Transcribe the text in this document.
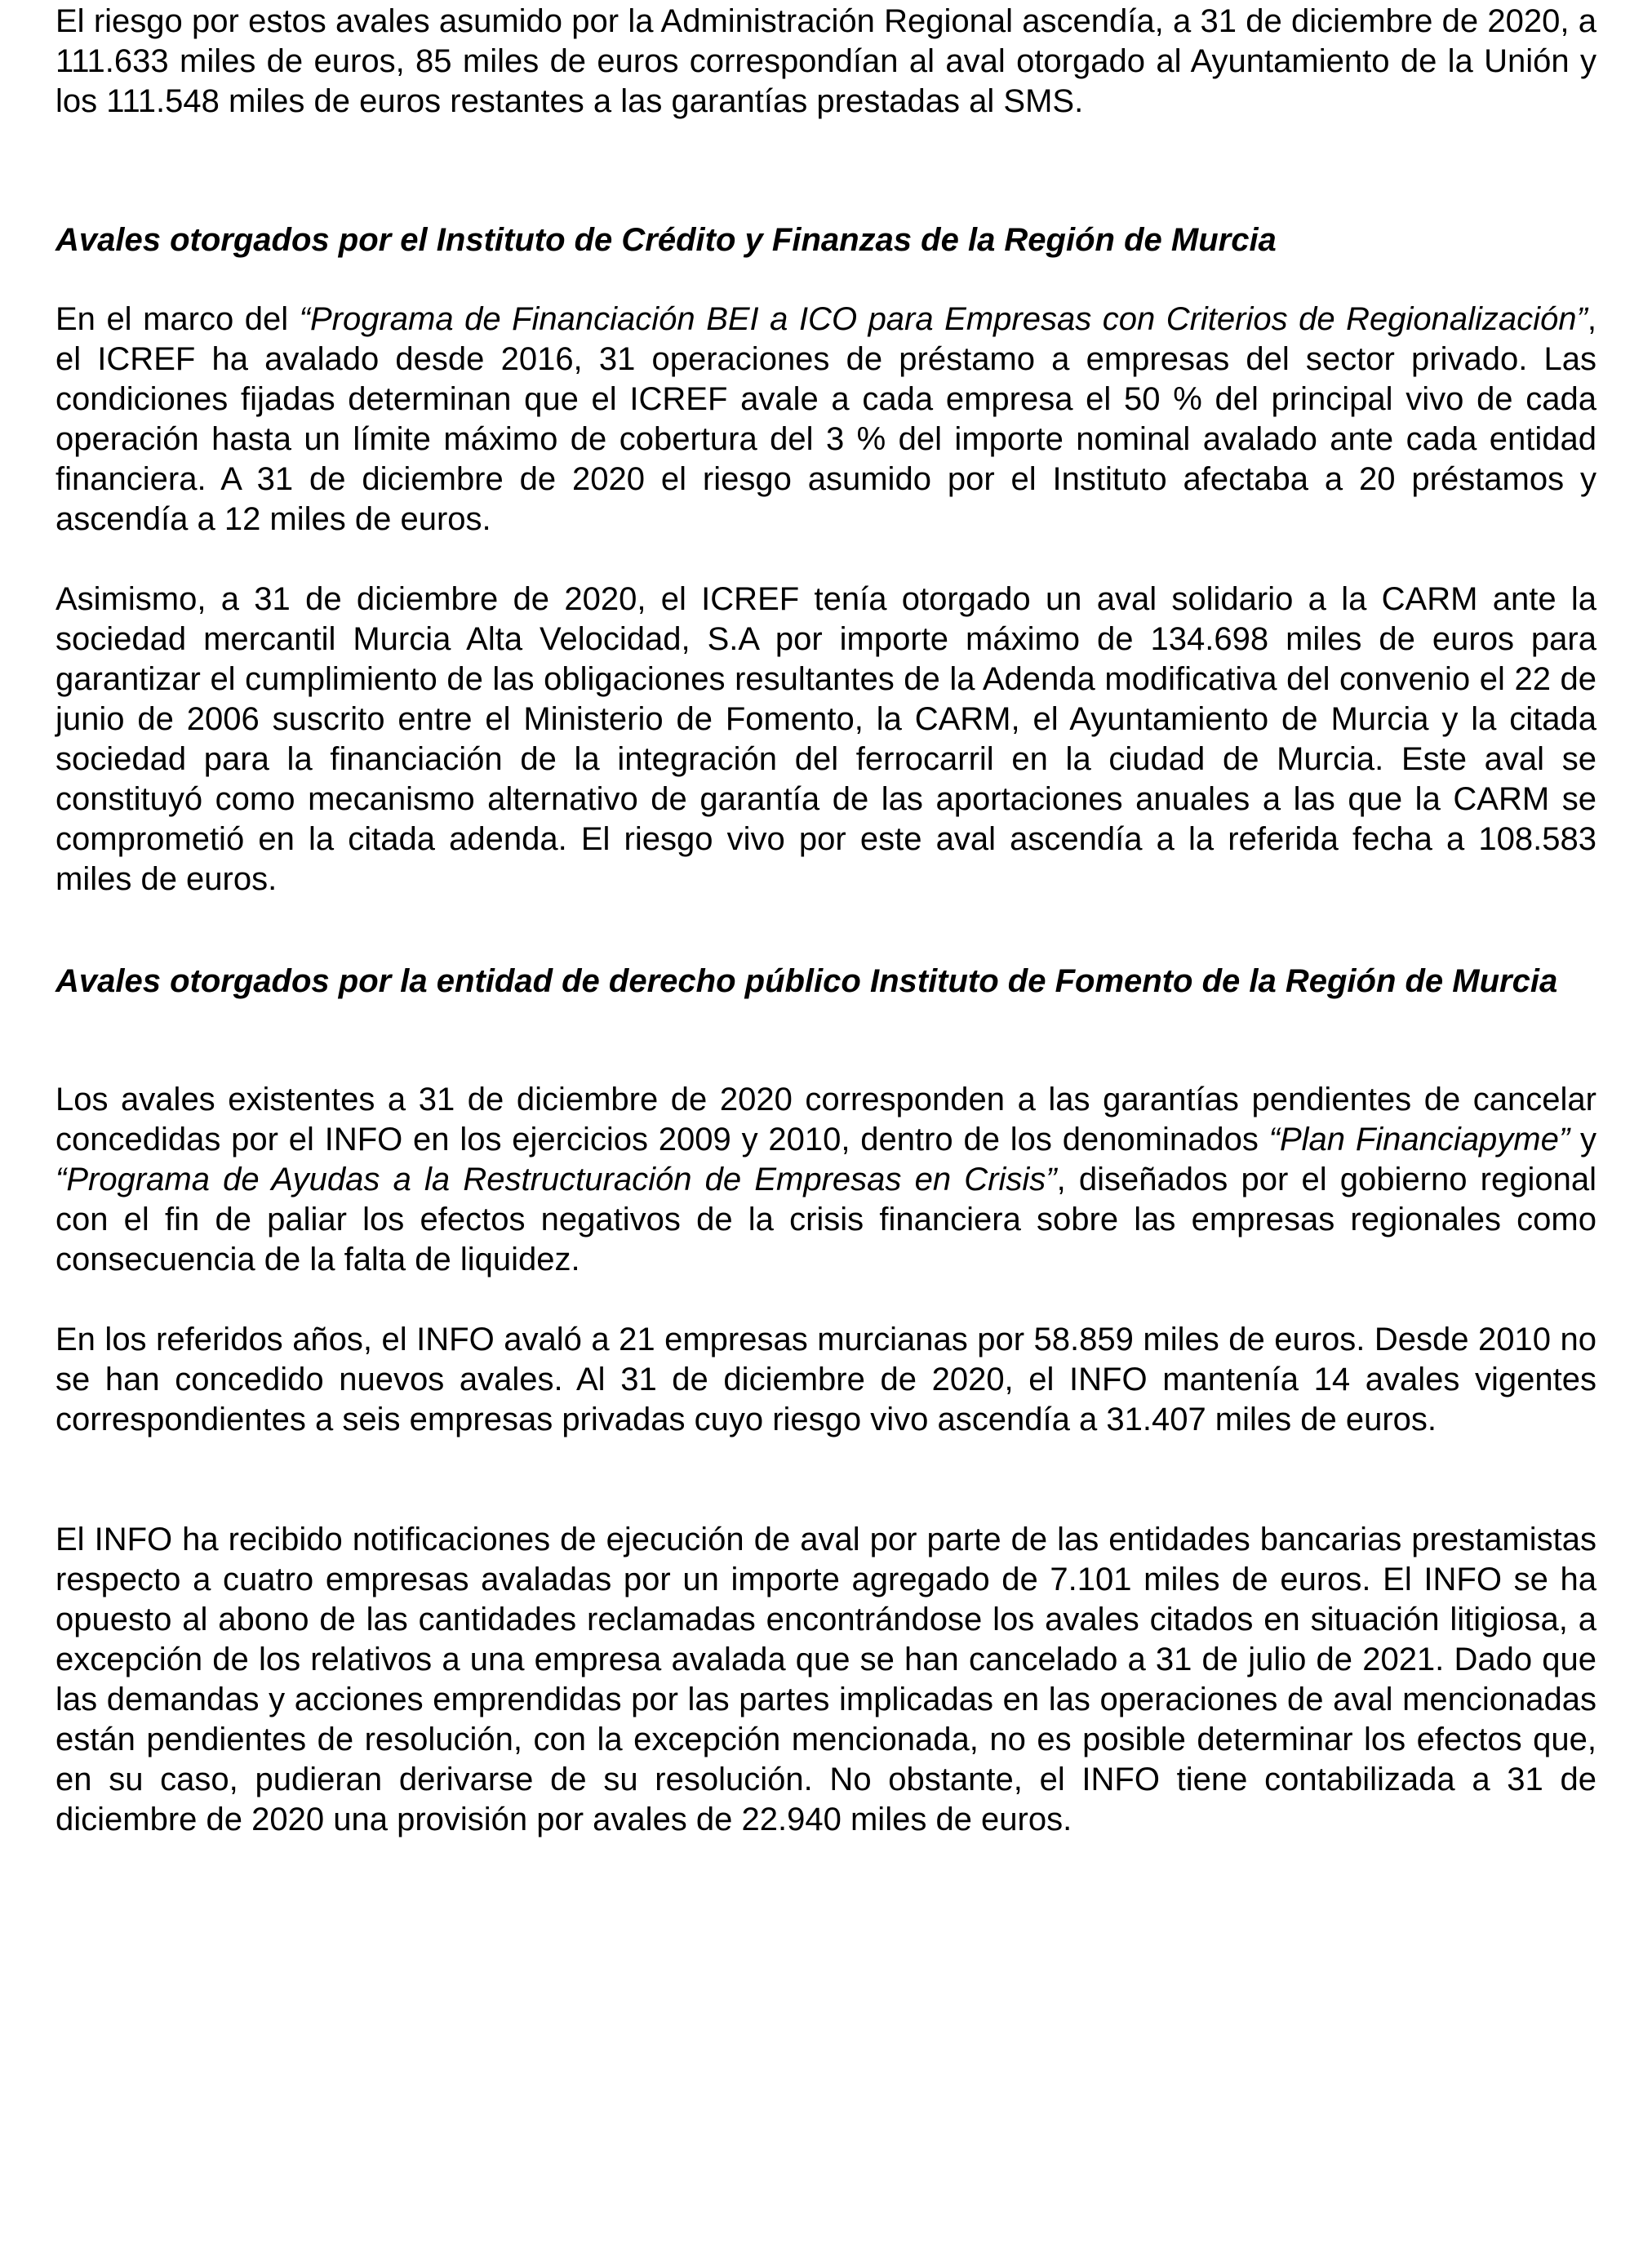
El riesgo por estos avales asumido por la Administración Regional ascendía, a 31 de diciembre de 2020, a 111.633 miles de euros, 85 miles de euros correspondían al aval otorgado al Ayuntamiento de la Unión y los 111.548 miles de euros restantes a las garantías prestadas al SMS.

Avales otorgados por el Instituto de Crédito y Finanzas de la Región de Murcia

En el marco del “Programa de Financiación BEI a ICO para Empresas con Criterios de Regionalización”, el ICREF ha avalado desde 2016, 31 operaciones de préstamo a empresas del sector privado. Las condiciones fijadas determinan que el ICREF avale a cada empresa el 50 % del principal vivo de cada operación hasta un límite máximo de cobertura del 3 % del importe nominal avalado ante cada entidad financiera. A 31 de diciembre de 2020 el riesgo asumido por el Instituto afectaba a 20 préstamos y ascendía a 12 miles de euros.

Asimismo, a 31 de diciembre de 2020, el ICREF tenía otorgado un aval solidario a la CARM ante la sociedad mercantil Murcia Alta Velocidad, S.A por importe máximo de 134.698 miles de euros para garantizar el cumplimiento de las obligaciones resultantes de la Adenda modificativa del convenio el 22 de junio de 2006 suscrito entre el Ministerio de Fomento, la CARM, el Ayuntamiento de Murcia y la citada sociedad para la financiación de la integración del ferrocarril en la ciudad de Murcia. Este aval se constituyó como mecanismo alternativo de garantía de las aportaciones anuales a las que la CARM se comprometió en la citada adenda. El riesgo vivo por este aval ascendía a la referida fecha a 108.583 miles de euros.

Avales otorgados por la entidad de derecho público Instituto de Fomento de la Región de Murcia

Los avales existentes a 31 de diciembre de 2020 corresponden a las garantías pendientes de cancelar concedidas por el INFO en los ejercicios 2009 y 2010, dentro de los denominados “Plan Financiapyme” y “Programa de Ayudas a la Restructuración de Empresas en Crisis”, diseñados por el gobierno regional con el fin de paliar los efectos negativos de la crisis financiera sobre las empresas regionales como consecuencia de la falta de liquidez.

En los referidos años, el INFO avaló a 21 empresas murcianas por 58.859 miles de euros. Desde 2010 no se han concedido nuevos avales. Al 31 de diciembre de 2020, el INFO mantenía 14 avales vigentes correspondientes a seis empresas privadas cuyo riesgo vivo ascendía a 31.407 miles de euros.

El INFO ha recibido notificaciones de ejecución de aval por parte de las entidades bancarias prestamistas respecto a cuatro empresas avaladas por un importe agregado de 7.101 miles de euros. El INFO se ha opuesto al abono de las cantidades reclamadas encontrándose los avales citados en situación litigiosa, a excepción de los relativos a una empresa avalada que se han cancelado a 31 de julio de 2021. Dado que las demandas y acciones emprendidas por las partes implicadas en las operaciones de aval mencionadas están pendientes de resolución, con la excepción mencionada, no es posible determinar los efectos que, en su caso, pudieran derivarse de su resolución. No obstante, el INFO tiene contabilizada a 31 de diciembre de 2020 una provisión por avales de 22.940 miles de euros.
